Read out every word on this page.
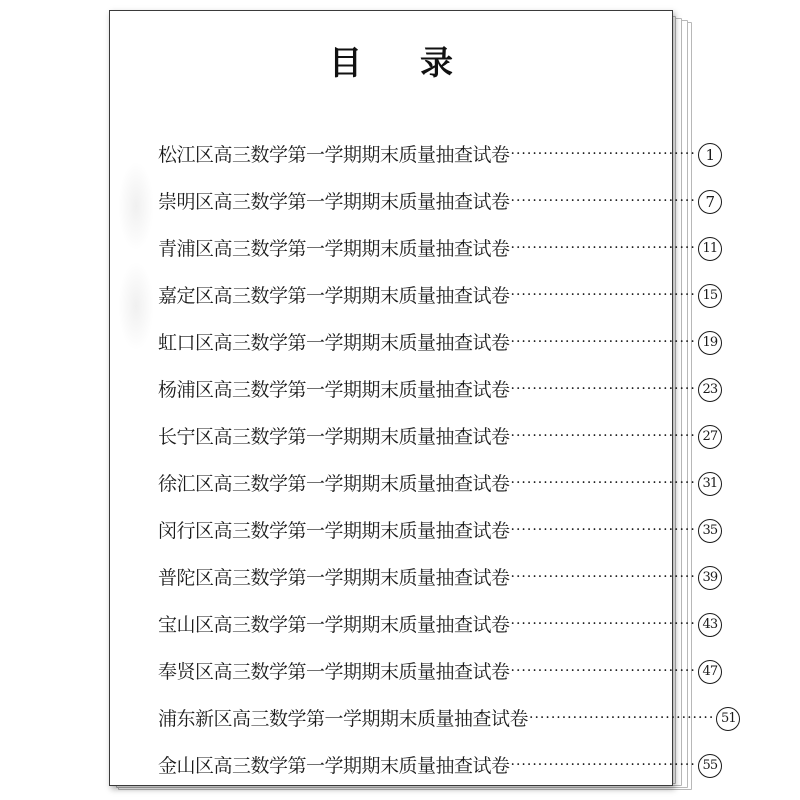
目 录
松江区高三数学第一学期期末质量抽查试卷 ·································· 1
崇明区高三数学第一学期期末质量抽查试卷 ·································· 7
青浦区高三数学第一学期期末质量抽查试卷 ·································· 11
嘉定区高三数学第一学期期末质量抽查试卷 ·································· 15
虹口区高三数学第一学期期末质量抽查试卷 ·································· 19
杨浦区高三数学第一学期期末质量抽查试卷 ·································· 23
长宁区高三数学第一学期期末质量抽查试卷 ·································· 27
徐汇区高三数学第一学期期末质量抽查试卷 ·································· 31
闵行区高三数学第一学期期末质量抽查试卷 ·································· 35
普陀区高三数学第一学期期末质量抽查试卷 ·································· 39
宝山区高三数学第一学期期末质量抽查试卷 ·································· 43
奉贤区高三数学第一学期期末质量抽查试卷 ·································· 47
浦东新区高三数学第一学期期末质量抽查试卷 ·································· 51
金山区高三数学第一学期期末质量抽查试卷 ·································· 55
